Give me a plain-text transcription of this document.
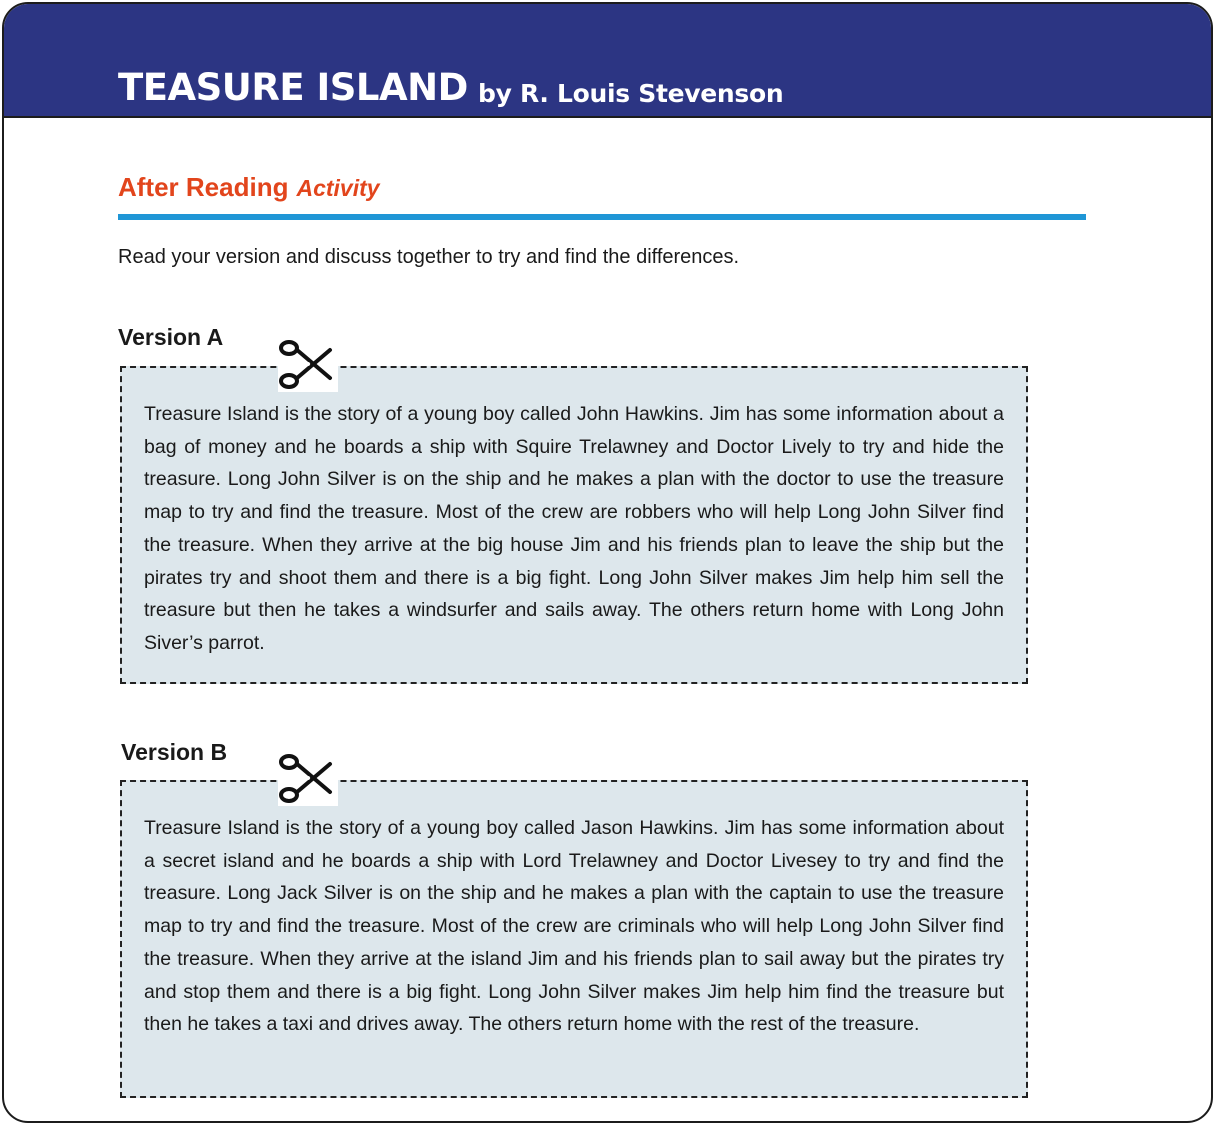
TEASURE ISLAND by R. Louis Stevenson
After Reading Activity
Read your version and discuss together to try and find the differences.
Version A
Treasure Island is the story of a young boy called John Hawkins. Jim has some information about a bag of money and he boards a ship with Squire Trelawney and Doctor Lively to try and hide the treasure. Long John Silver is on the ship and he makes a plan with the doctor to use the treasure map to try and find the treasure. Most of the crew are robbers who will help Long John Silver find the treasure. When they arrive at the big house Jim and his friends plan to leave the ship but the pirates try and shoot them and there is a big fight. Long John Silver makes Jim help him sell the treasure but then he takes a windsurfer and sails away. The others return home with Long John Siver’s parrot.
Version B
Treasure Island is the story of a young boy called Jason Hawkins. Jim has some information about a secret island and he boards a ship with Lord Trelawney and Doctor Livesey to try and find the treasure. Long Jack Silver is on the ship and he makes a plan with the captain to use the treasure map to try and find the treasure. Most of the crew are criminals who will help Long John Silver find the treasure. When they arrive at the island Jim and his friends plan to sail away but the pirates try and stop them and there is a big fight. Long John Silver makes Jim help him find the treasure but then he takes a taxi and drives away. The others return home with the rest of the treasure.
